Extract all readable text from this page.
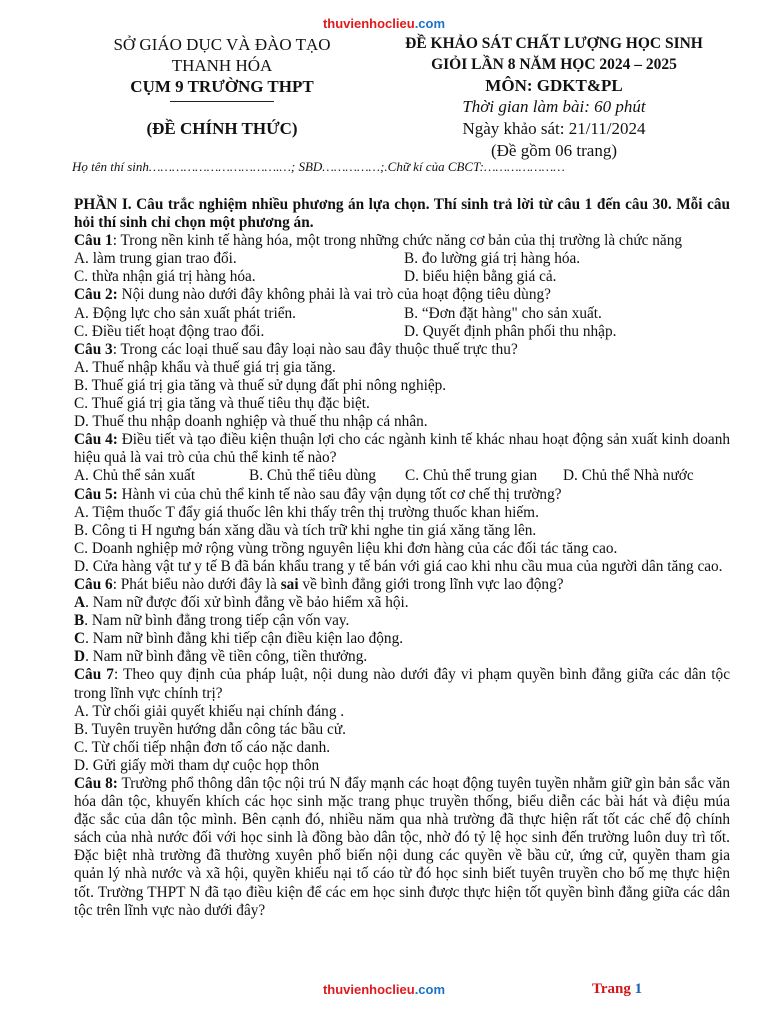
thuvienhoclieu.com
SỞ GIÁO DỤC VÀ ĐÀO TẠO
THANH HÓA
CỤM 9 TRƯỜNG THPT
(ĐỀ CHÍNH THỨC)
ĐỀ KHẢO SÁT CHẤT LƯỢNG HỌC SINH
GIỎI LẦN 8 NĂM HỌC 2024 – 2025
MÔN: GDKT&PL
Thời gian làm bài: 60 phút
Ngày khảo sát: 21/11/2024
(Đề gồm 06 trang)
Họ tên thí sinh…………………………….…; SBD……………;.Chữ kí của CBCT:…………………

PHẦN I. Câu trắc nghiệm nhiều phương án lựa chọn. Thí sinh trả lời từ câu 1 đến câu 30. Mỗi câu hỏi thí sinh chỉ chọn một phương án.

Câu 1: Trong nền kinh tế hàng hóa, một trong những chức năng cơ bản của thị trường là chức năng

A. làm trung gian trao đổi.	B. đo lường giá trị hàng hóa.

C. thừa nhận giá trị hàng hóa.	D. biểu hiện bằng giá cả.

Câu 2: Nội dung nào dưới đây không phải là vai trò của hoạt động tiêu dùng?

A. Động lực cho sản xuất phát triển.	B. “Đơn đặt hàng" cho sản xuất.

C. Điều tiết hoạt động trao đổi.	D. Quyết định phân phối thu nhập.

Câu 3: Trong các loại thuế sau đây loại nào sau đây thuộc thuế trực thu?

A. Thuế nhập khẩu và thuế giá trị gia tăng.

B. Thuế giá trị gia tăng và thuế sử dụng đất phi nông nghiệp.

C. Thuế giá trị gia tăng và thuế tiêu thụ đặc biệt.

D. Thuế thu nhập doanh nghiệp và thuế thu nhập cá nhân.

Câu 4: Điều tiết và tạo điều kiện thuận lợi cho các ngành kinh tế khác nhau hoạt động sản xuất kinh doanh hiệu quả là vai trò của chủ thể kinh tế nào?

A. Chủ thể sản xuất	B. Chủ thể tiêu dùng	C. Chủ thể trung gian	D. Chủ thể Nhà nước

Câu 5: Hành vi của chủ thể kinh tế nào sau đây vận dụng tốt cơ chế thị trường?

A. Tiệm thuốc T đẩy giá thuốc lên khi thấy trên thị trường thuốc khan hiếm.

B. Công ti H ngưng bán xăng dầu và tích trữ khi nghe tin giá xăng tăng lên.

C. Doanh nghiệp mở rộng vùng trồng nguyên liệu khi đơn hàng của các đối tác tăng cao.

D. Cửa hàng vật tư y tế B đã bán khẩu trang y tế bán với giá cao khi nhu cầu mua của người dân tăng cao.

Câu 6: Phát biểu nào dưới đây là sai về bình đẳng giới trong lĩnh vực lao động?

A. Nam nữ được đối xử bình đẳng về bảo hiểm xã hội.

B. Nam nữ bình đẳng trong tiếp cận vốn vay.

C. Nam nữ bình đẳng khi tiếp cận điều kiện lao động.

D. Nam nữ bình đẳng về tiền công, tiền thưởng.

Câu 7: Theo quy định của pháp luật, nội dung nào dưới đây vi phạm quyền bình đẳng giữa các dân tộc trong lĩnh vực chính trị?

A. Từ chối giải quyết khiếu nại chính đáng .

B. Tuyên truyền hướng dẫn công tác bầu cử.

C. Từ chối tiếp nhận đơn tố cáo nặc danh.

D. Gửi giấy mời tham dự cuộc họp thôn

Câu 8: Trường phổ thông dân tộc nội trú N đẩy mạnh các hoạt động tuyên tuyền nhằm giữ gìn bản sắc văn hóa dân tộc, khuyến khích các học sinh mặc trang phục truyền thống, biểu diễn các bài hát và điệu múa đặc sắc của dân tộc mình. Bên cạnh đó, nhiều năm qua nhà trường đã thực hiện rất tốt các chế độ chính sách của nhà nước đối với học sinh là đồng bào dân tộc, nhờ đó tỷ lệ học sinh đến trường luôn duy trì tốt. Đặc biệt nhà trường đã thường xuyên phổ biến nội dung các quyền về bầu cử, ứng cử, quyền tham gia quản lý nhà nước và xã hội, quyền khiếu nại tố cáo từ đó học sinh biết tuyên truyền cho bố mẹ thực hiện tốt. Trường THPT N đã tạo điều kiện để các em học sinh được thực hiện tốt quyền bình đẳng giữa các dân tộc trên lĩnh vực nào dưới đây?

thuvienhoclieu.com	Trang 1
